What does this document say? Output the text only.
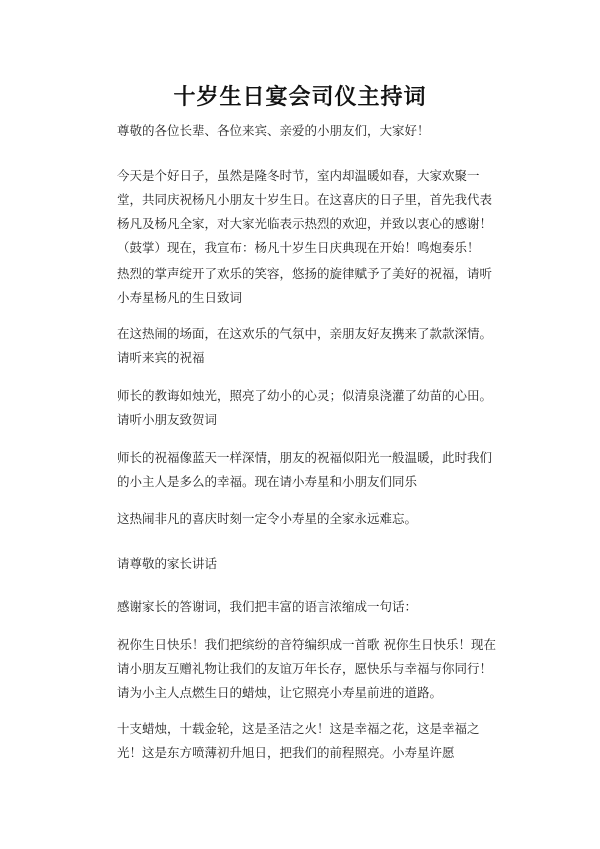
十岁生日宴会司仪主持词

尊敬的各位长辈、各位来宾、亲爱的小朋友们，大家好！

今天是个好日子，虽然是隆冬时节，室内却温暖如春，大家欢聚一堂，共同庆祝杨凡小朋友十岁生日。在这喜庆的日子里，首先我代表杨凡及杨凡全家，对大家光临表示热烈的欢迎，并致以衷心的感谢！（鼓掌）现在，我宣布：杨凡十岁生日庆典现在开始！鸣炮奏乐！

热烈的掌声绽开了欢乐的笑容，悠扬的旋律赋予了美好的祝福，请听小寿星杨凡的生日致词

在这热闹的场面，在这欢乐的气氛中，亲朋友好友携来了款款深情。请听来宾的祝福

师长的教诲如烛光，照亮了幼小的心灵；似清泉浇灌了幼苗的心田。请听小朋友致贺词

师长的祝福像蓝天一样深情，朋友的祝福似阳光一般温暖，此时我们的小主人是多么的幸福。现在请小寿星和小朋友们同乐

这热闹非凡的喜庆时刻一定令小寿星的全家永远难忘。

请尊敬的家长讲话

感谢家长的答谢词，我们把丰富的语言浓缩成一句话：

祝你生日快乐！我们把缤纷的音符编织成一首歌 祝你生日快乐！现在请小朋友互赠礼物让我们的友谊万年长存，愿快乐与幸福与你同行！请为小主人点燃生日的蜡烛，让它照亮小寿星前进的道路。

十支蜡烛，十载金轮，这是圣洁之火！这是幸福之花，这是幸福之光！这是东方喷薄初升旭日，把我们的前程照亮。小寿星许愿
